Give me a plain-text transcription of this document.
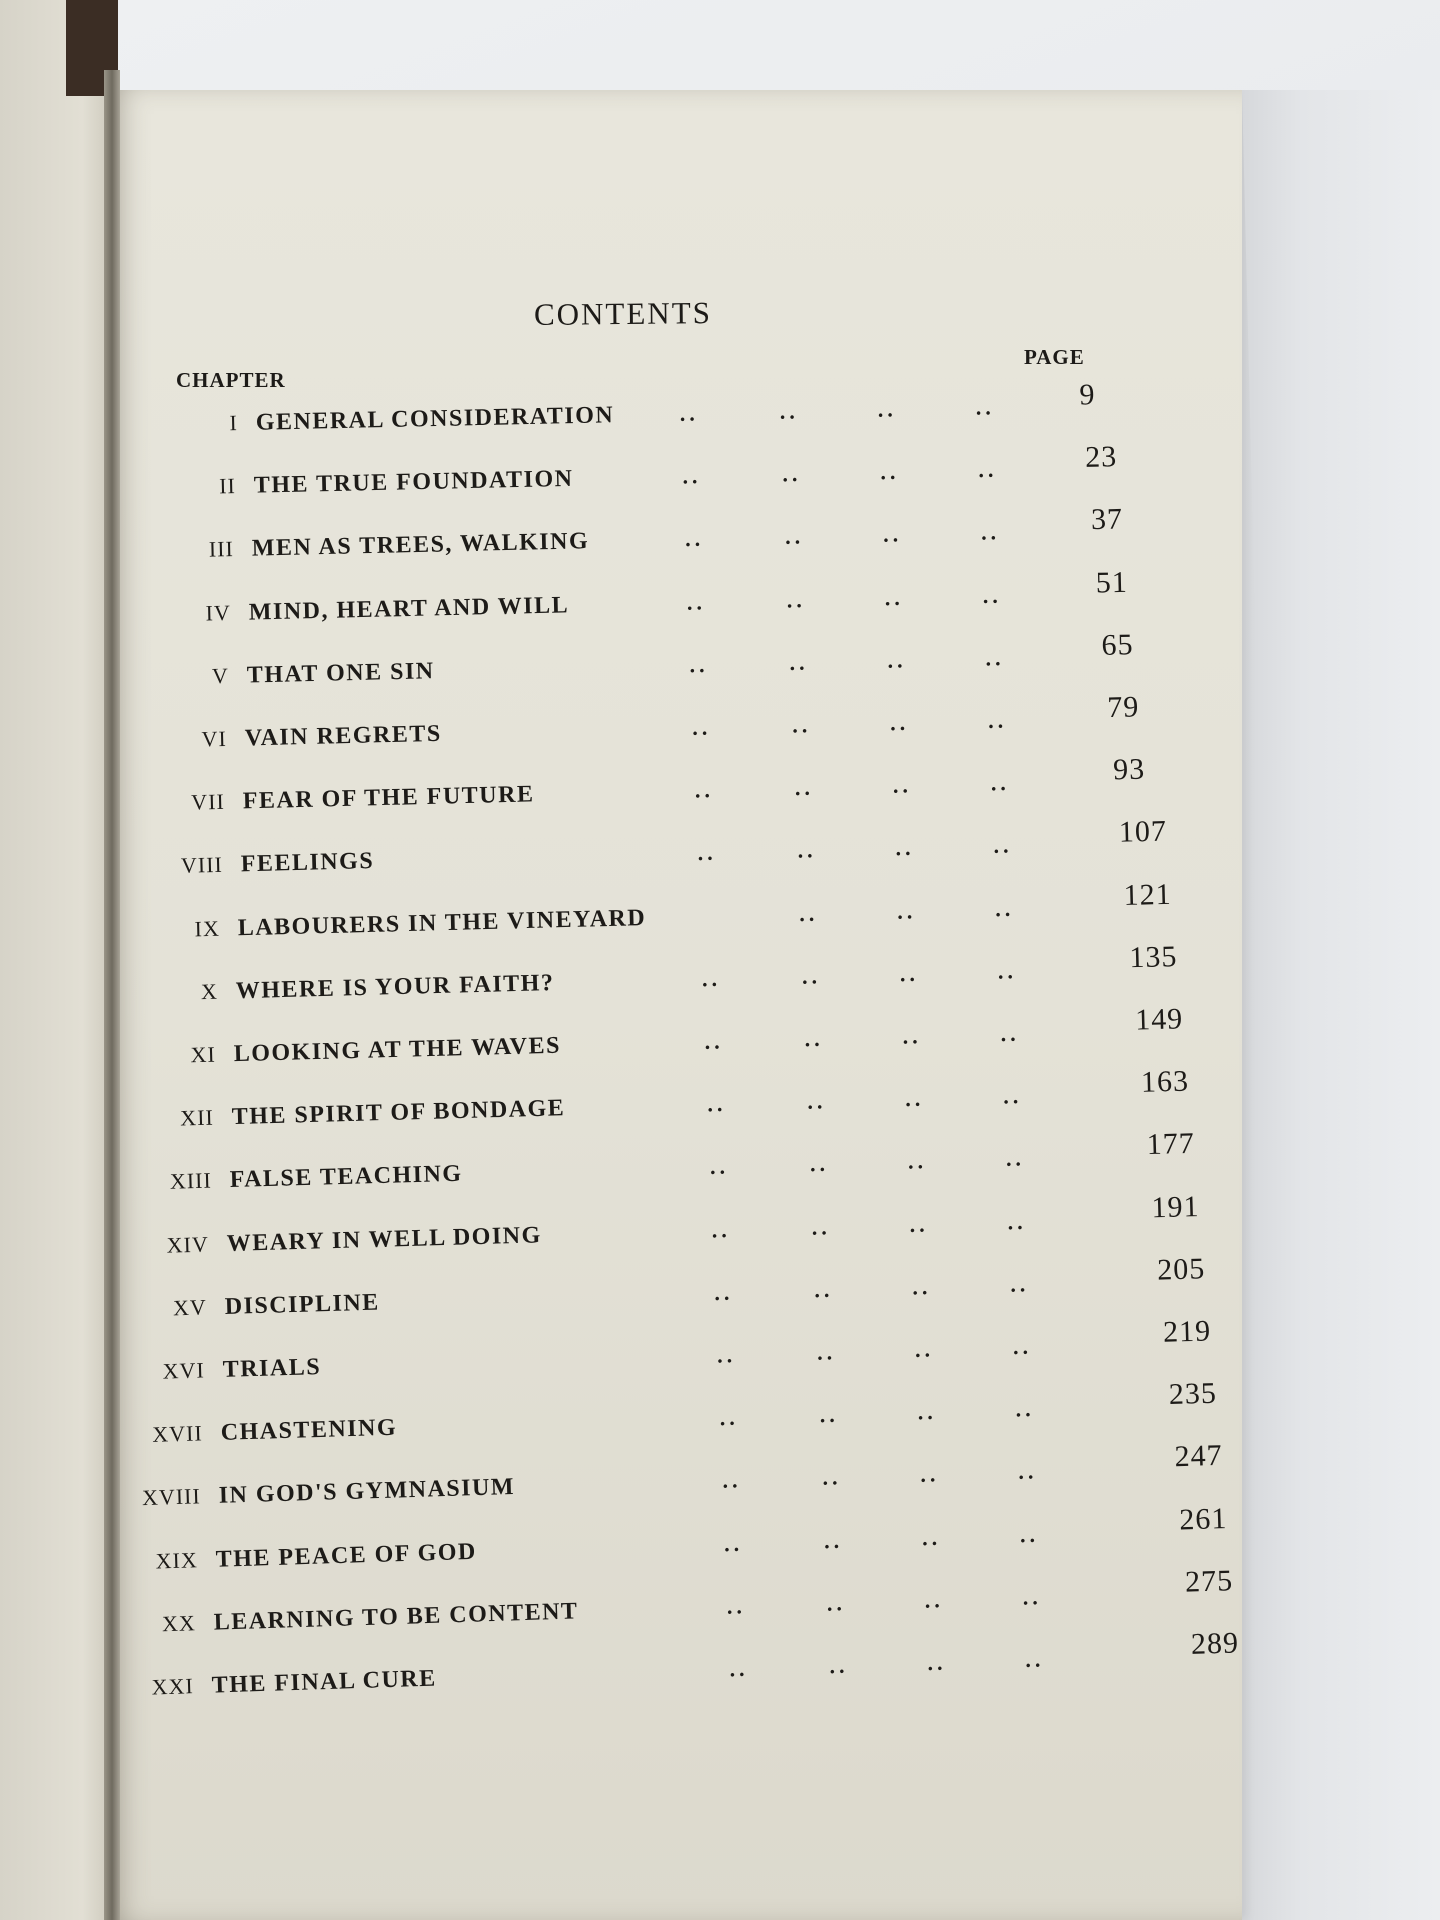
CONTENTS
CHAPTER
PAGE
I GENERAL CONSIDERATION	..	..	..	..	9
II THE TRUE FOUNDATION	..	..	..	..	23
III MEN AS TREES, WALKING	..	..	..	..	37
IV MIND, HEART AND WILL	..	..	..	..	51
V THAT ONE SIN	..	..	..	..	65
VI VAIN REGRETS	..	..	..	..	79
VII FEAR OF THE FUTURE	..	..	..	..	93
VIII FEELINGS	..	..	..	..	107
IX LABOURERS IN THE VINEYARD	..	..	..	121
X WHERE IS YOUR FAITH?	..	..	..	..	135
XI LOOKING AT THE WAVES	..	..	..	..	149
XII THE SPIRIT OF BONDAGE	..	..	..	..	163
XIII FALSE TEACHING	..	..	..	..	177
XIV WEARY IN WELL DOING	..	..	..	..	191
XV DISCIPLINE	..	..	..	..	205
XVI TRIALS	..	..	..	..	219
XVII CHASTENING	..	..	..	..	235
XVIII IN GOD'S GYMNASIUM	..	..	..	..	247
XIX THE PEACE OF GOD	..	..	..	..	261
XX LEARNING TO BE CONTENT	..	..	..	..	275
XXI THE FINAL CURE	..	..	..	..	289
